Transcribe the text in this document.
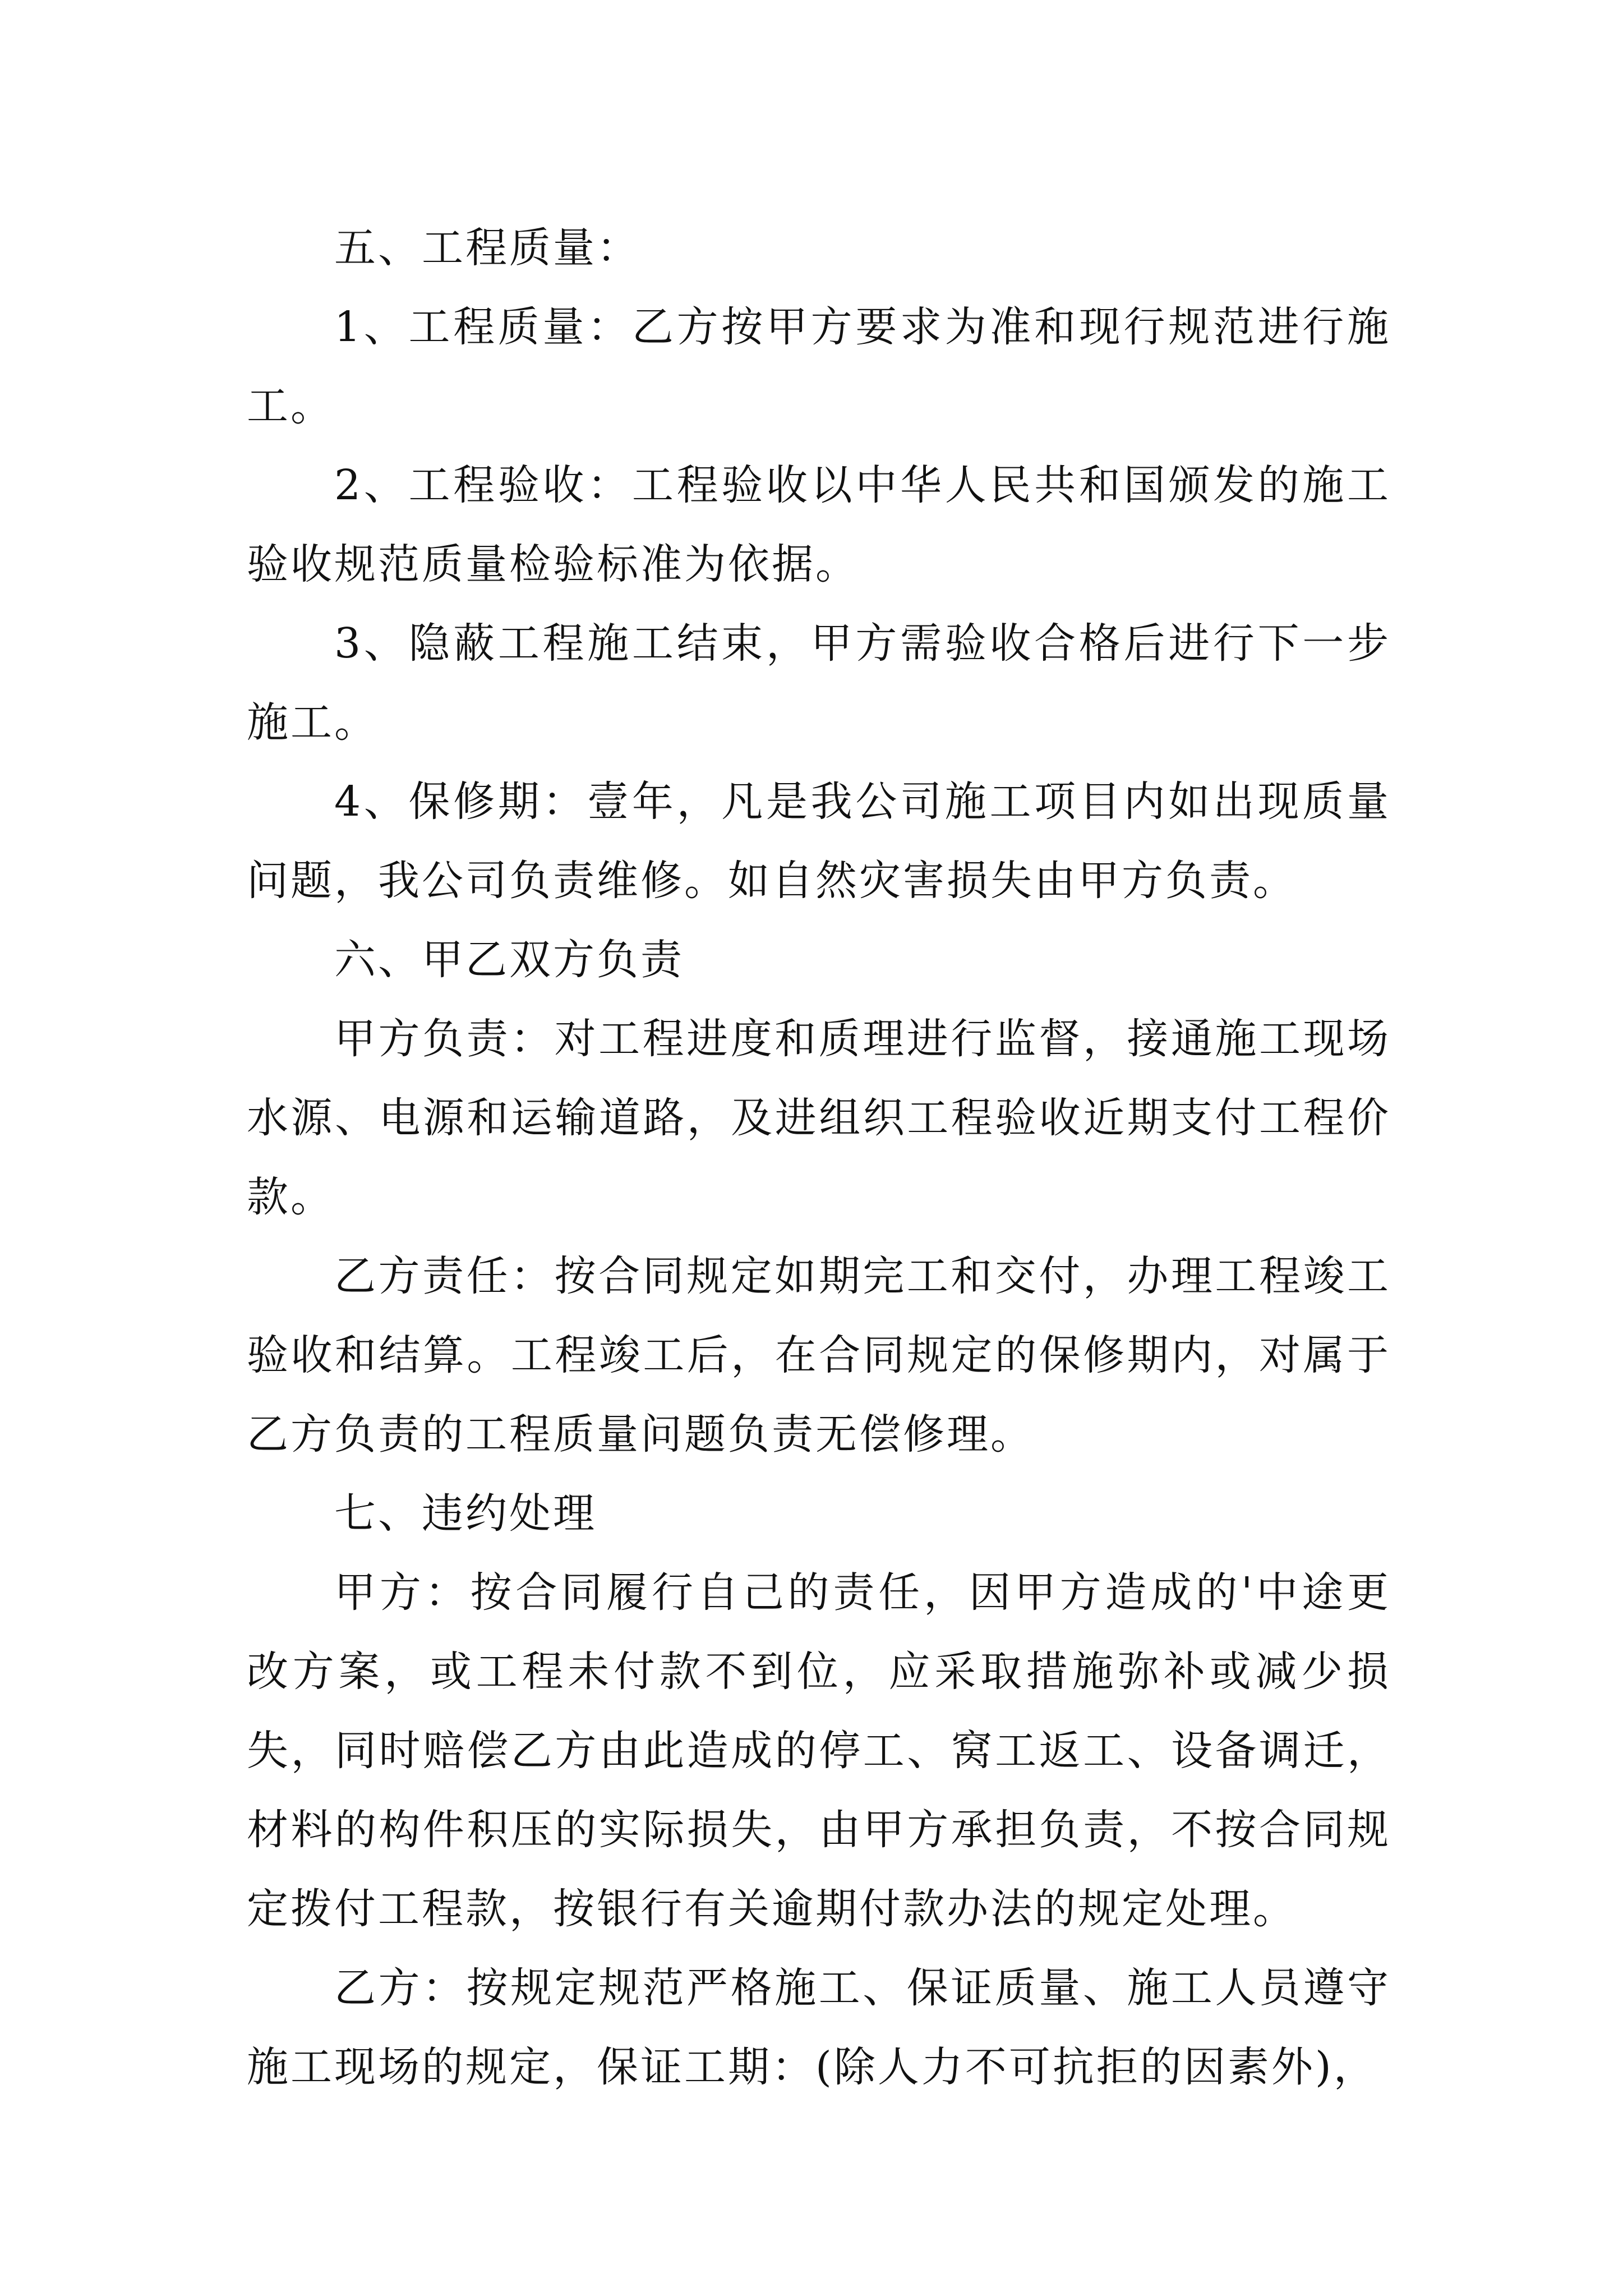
五、工程质量：

1、工程质量：乙方按甲方要求为准和现行规范进行施工。

2、工程验收：工程验收以中华人民共和国颁发的施工验收规范质量检验标准为依据。

3、隐蔽工程施工结束，甲方需验收合格后进行下一步施工。

4、保修期：壹年，凡是我公司施工项目内如出现质量问题，我公司负责维修。如自然灾害损失由甲方负责。

六、甲乙双方负责

甲方负责：对工程进度和质理进行监督，接通施工现场水源、电源和运输道路，及进组织工程验收近期支付工程价款。

乙方责任：按合同规定如期完工和交付，办理工程竣工验收和结算。工程竣工后，在合同规定的保修期内，对属于乙方负责的工程质量问题负责无偿修理。

七、违约处理

甲方：按合同履行自己的责任，因甲方造成的'中途更改方案，或工程未付款不到位，应采取措施弥补或减少损失，同时赔偿乙方由此造成的停工、窝工返工、设备调迁，材料的构件积压的实际损失，由甲方承担负责，不按合同规定拨付工程款，按银行有关逾期付款办法的规定处理。

乙方：按规定规范严格施工、保证质量、施工人员遵守施工现场的规定，保证工期：(除人力不可抗拒的因素外)，
